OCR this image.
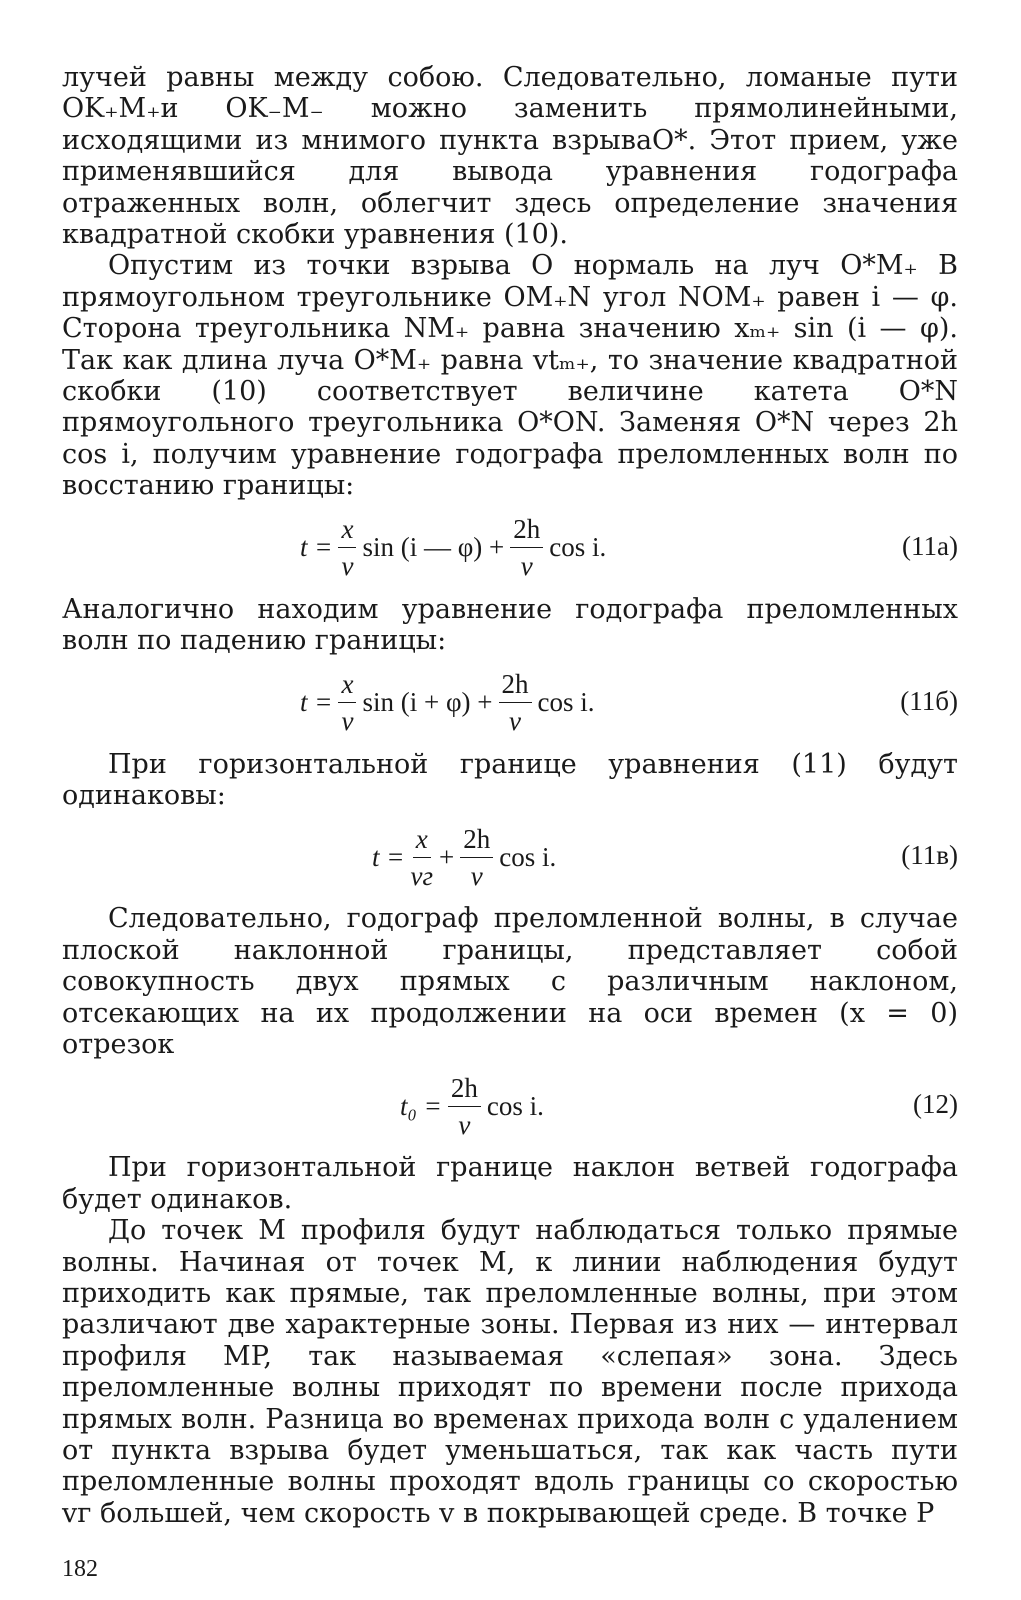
лучей равны между собою. Следовательно, ломаные пути OK₊M₊и OK₋M₋ можно заменить прямолинейными, исходящими из мнимого пункта взрываO*. Этот прием, уже применявшийся для вывода уравнения годографа отраженных волн, облегчит здесь определение значения квадратной скобки уравнения (10).

Опустим из точки взрыва O нормаль на луч O*M₊ В прямоугольном треугольнике OM₊N угол NOM₊ равен i — φ. Сторона треугольника NM₊ равна значению xₘ₊ sin (i — φ). Так как длина луча O*M₊ равна vtₘ₊, то значение квадратной скобки (10) соответствует величине катета O*N прямоугольного треугольника O*ON. Заменяя O*N через 2h cos i, получим уравнение годографа преломленных волн по восстанию границы:

$t = \frac{x}{v}$ sin (i — $\varphi) + \frac{2h}{v}$ cos i.	(11а)

Аналогично находим уравнение годографа преломленных волн по падению границы:

$t = \frac{x}{v}$ $\sin (i + \varphi) + \frac{2h}{v}$ cos i.	(11б)

При горизонтальной границе уравнения (11) будут одинаковы:

$t = \frac{x}{vг} + \frac{2h}{v}$ cos i.	(11в)

Следовательно, годограф преломленной волны, в случае плоской наклонной границы, представляет собой совокупность двух прямых с различным наклоном, отсекающих на их продолжении на оси времен (x = 0) отрезок

$t_0 = \frac{2h}{v}$ cos i.	(12)

При горизонтальной границе наклон ветвей годографа будет одинаков.

До точек M профиля будут наблюдаться только прямые волны. Начиная от точек M, к линии наблюдения будут приходить как прямые, так преломленные волны, при этом различают две характерные зоны. Первая из них — интервал профиля MP, так называемая «слепая» зона. Здесь преломленные волны приходят по времени после прихода прямых волн. Разница во временах прихода волн с удалением от пункта взрыва будет уменьшаться, так как часть пути преломленные волны проходят вдоль границы со скоростью vг большей, чем скорость v в покрывающей среде. В точке P

182
